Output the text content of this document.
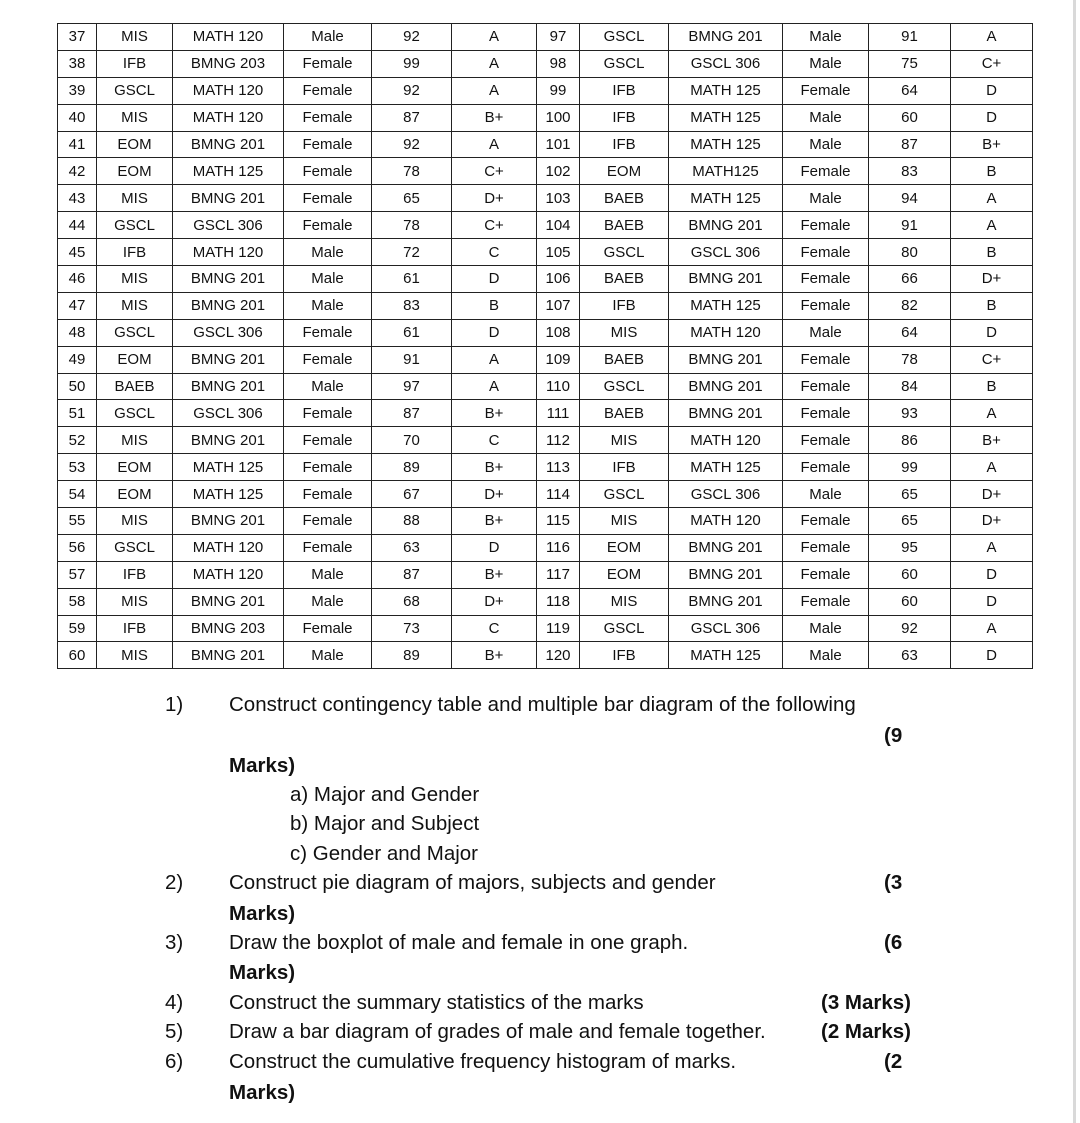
37	MIS	MATH 120	Male	92	A	97	GSCL	BMNG 201	Male	91	A
38	IFB	BMNG 203	Female	99	A	98	GSCL	GSCL 306	Male	75	C+
39	GSCL	MATH 120	Female	92	A	99	IFB	MATH 125	Female	64	D
40	MIS	MATH 120	Female	87	B+	100	IFB	MATH 125	Male	60	D
41	EOM	BMNG 201	Female	92	A	101	IFB	MATH 125	Male	87	B+
42	EOM	MATH 125	Female	78	C+	102	EOM	MATH125	Female	83	B
43	MIS	BMNG 201	Female	65	D+	103	BAEB	MATH 125	Male	94	A
44	GSCL	GSCL 306	Female	78	C+	104	BAEB	BMNG 201	Female	91	A
45	IFB	MATH 120	Male	72	C	105	GSCL	GSCL 306	Female	80	B
46	MIS	BMNG 201	Male	61	D	106	BAEB	BMNG 201	Female	66	D+
47	MIS	BMNG 201	Male	83	B	107	IFB	MATH 125	Female	82	B
48	GSCL	GSCL 306	Female	61	D	108	MIS	MATH 120	Male	64	D
49	EOM	BMNG 201	Female	91	A	109	BAEB	BMNG 201	Female	78	C+
50	BAEB	BMNG 201	Male	97	A	110	GSCL	BMNG 201	Female	84	B
51	GSCL	GSCL 306	Female	87	B+	111	BAEB	BMNG 201	Female	93	A
52	MIS	BMNG 201	Female	70	C	112	MIS	MATH 120	Female	86	B+
53	EOM	MATH 125	Female	89	B+	113	IFB	MATH 125	Female	99	A
54	EOM	MATH 125	Female	67	D+	114	GSCL	GSCL 306	Male	65	D+
55	MIS	BMNG 201	Female	88	B+	115	MIS	MATH 120	Female	65	D+
56	GSCL	MATH 120	Female	63	D	116	EOM	BMNG 201	Female	95	A
57	IFB	MATH 120	Male	87	B+	117	EOM	BMNG 201	Female	60	D
58	MIS	BMNG 201	Male	68	D+	118	MIS	BMNG 201	Female	60	D
59	IFB	BMNG 203	Female	73	C	119	GSCL	GSCL 306	Male	92	A
60	MIS	BMNG 201	Male	89	B+	120	IFB	MATH 125	Male	63	D
1)	Construct contingency table and multiple bar diagram of the following
(9
Marks)
a) Major and Gender
b) Major and Subject
c) Gender and Major
2)	Construct pie diagram of majors, subjects and gender	(3
Marks)
3)	Draw the boxplot of male and female in one graph.	(6
Marks)
4)	Construct the summary statistics of the marks	(3 Marks)
5)	Draw a bar diagram of grades of male and female together.	(2 Marks)
6)	Construct the cumulative frequency histogram of marks.	(2
Marks)
